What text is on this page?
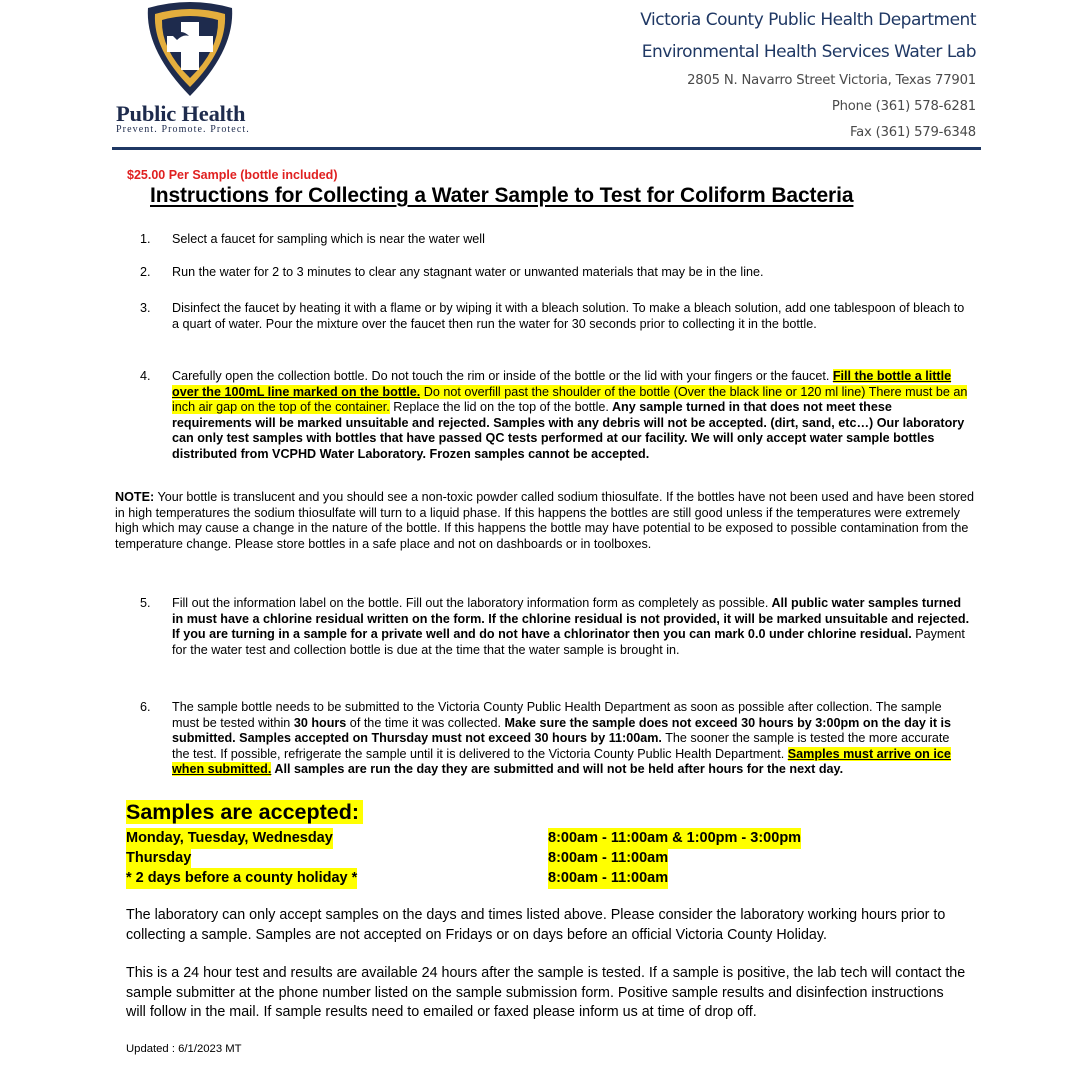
Public Health
Prevent. Promote. Protect.
Victoria County Public Health Department
Environmental Health Services Water Lab
2805 N. Navarro Street Victoria, Texas 77901
Phone (361) 578-6281
Fax (361) 579-6348
$25.00 Per Sample (bottle included)
Instructions for Collecting a Water Sample to Test for Coliform Bacteria
1. Select a faucet for sampling which is near the water well
2. Run the water for 2 to 3 minutes to clear any stagnant water or unwanted materials that may be in the line.
3. Disinfect the faucet by heating it with a flame or by wiping it with a bleach solution. To make a bleach solution, add one tablespoon of bleach to a quart of water. Pour the mixture over the faucet then run the water for 30 seconds prior to collecting it in the bottle.
4. Carefully open the collection bottle. Do not touch the rim or inside of the bottle or the lid with your fingers or the faucet. Fill the bottle a little over the 100mL line marked on the bottle. Do not overfill past the shoulder of the bottle (Over the black line or 120 ml line) There must be an inch air gap on the top of the container. Replace the lid on the top of the bottle. Any sample turned in that does not meet these requirements will be marked unsuitable and rejected. Samples with any debris will not be accepted. (dirt, sand, etc…) Our laboratory can only test samples with bottles that have passed QC tests performed at our facility. We will only accept water sample bottles distributed from VCPHD Water Laboratory. Frozen samples cannot be accepted.
NOTE: Your bottle is translucent and you should see a non-toxic powder called sodium thiosulfate. If the bottles have not been used and have been stored in high temperatures the sodium thiosulfate will turn to a liquid phase. If this happens the bottles are still good unless if the temperatures were extremely high which may cause a change in the nature of the bottle. If this happens the bottle may have potential to be exposed to possible contamination from the temperature change. Please store bottles in a safe place and not on dashboards or in toolboxes.
5. Fill out the information label on the bottle. Fill out the laboratory information form as completely as possible. All public water samples turned in must have a chlorine residual written on the form. If the chlorine residual is not provided, it will be marked unsuitable and rejected. If you are turning in a sample for a private well and do not have a chlorinator then you can mark 0.0 under chlorine residual. Payment for the water test and collection bottle is due at the time that the water sample is brought in.
6. The sample bottle needs to be submitted to the Victoria County Public Health Department as soon as possible after collection. The sample must be tested within 30 hours of the time it was collected. Make sure the sample does not exceed 30 hours by 3:00pm on the day it is submitted. Samples accepted on Thursday must not exceed 30 hours by 11:00am. The sooner the sample is tested the more accurate the test. If possible, refrigerate the sample until it is delivered to the Victoria County Public Health Department. Samples must arrive on ice when submitted. All samples are run the day they are submitted and will not be held after hours for the next day.
Samples are accepted:
Monday, Tuesday, Wednesday	8:00am - 11:00am & 1:00pm - 3:00pm
Thursday	8:00am - 11:00am
* 2 days before a county holiday *	8:00am - 11:00am
The laboratory can only accept samples on the days and times listed above. Please consider the laboratory working hours prior to collecting a sample. Samples are not accepted on Fridays or on days before an official Victoria County Holiday.
This is a 24 hour test and results are available 24 hours after the sample is tested. If a sample is positive, the lab tech will contact the sample submitter at the phone number listed on the sample submission form. Positive sample results and disinfection instructions will follow in the mail. If sample results need to emailed or faxed please inform us at time of drop off.
Updated : 6/1/2023 MT
